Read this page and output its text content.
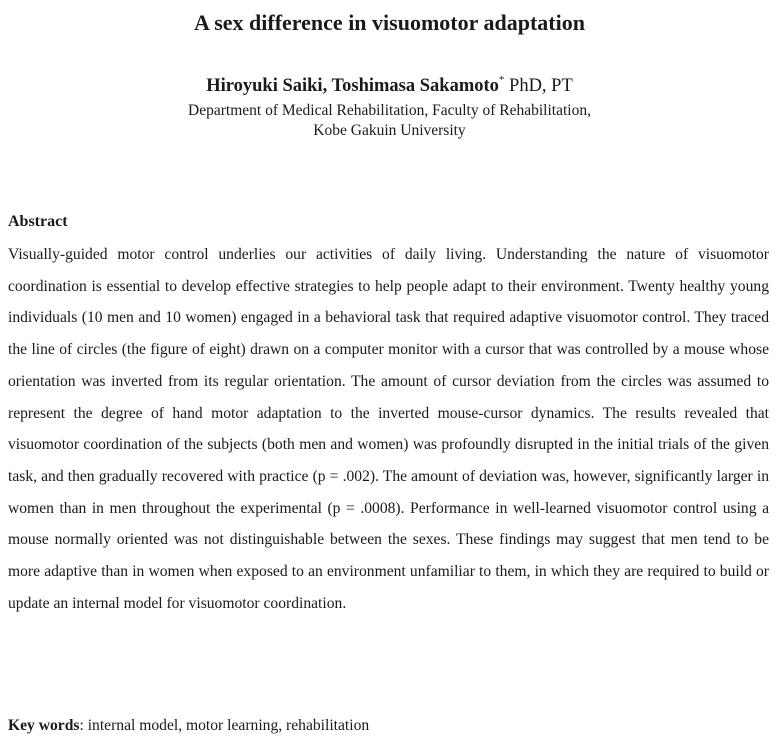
A sex difference in visuomotor adaptation
Hiroyuki Saiki, Toshimasa Sakamoto* PhD, PT
Department of Medical Rehabilitation, Faculty of Rehabilitation,
Kobe Gakuin University
Abstract

Visually-guided motor control underlies our activities of daily living. Understanding the nature of visuomotor coordination is essential to develop effective strategies to help people adapt to their environment. Twenty healthy young individuals (10 men and 10 women) engaged in a behavioral task that required adaptive visuomotor control. They traced the line of circles (the figure of eight) drawn on a computer monitor with a cursor that was controlled by a mouse whose orientation was inverted from its regular orientation. The amount of cursor deviation from the circles was assumed to represent the degree of hand motor adaptation to the inverted mouse-cursor dynamics. The results revealed that visuomotor coordination of the subjects (both men and women) was profoundly disrupted in the initial trials of the given task, and then gradually recovered with practice (p = .002). The amount of deviation was, however, significantly larger in women than in men throughout the experimental (p = .0008). Performance in well-learned visuomotor control using a mouse normally oriented was not distinguishable between the sexes. These findings may suggest that men tend to be more adaptive than in women when exposed to an environment unfamiliar to them, in which they are required to build or update an internal model for visuomotor coordination.

Key words: internal model, motor learning, rehabilitation
